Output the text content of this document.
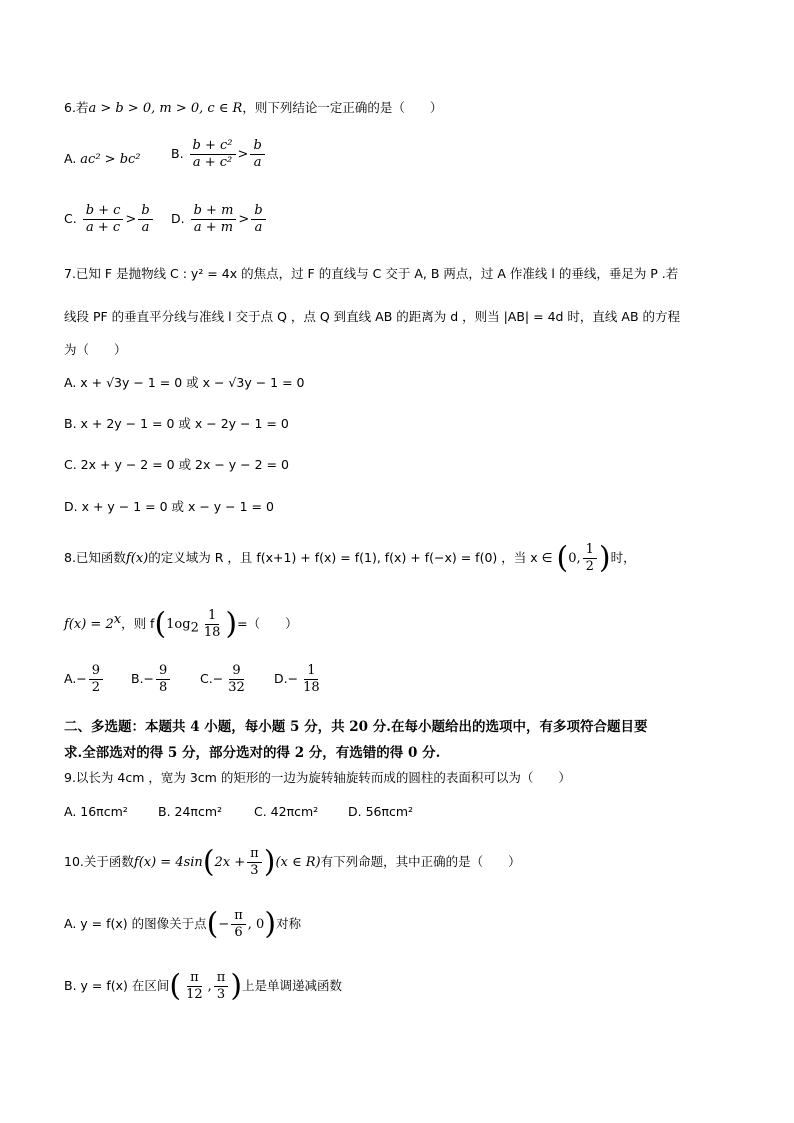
6.若a > b > 0, m > 0, c ∈ R，则下列结论一定正确的是（　　）
A. ac² > bc² B. $\frac{\text{b + c²}}{\text{a + c²}} > \frac{b}{a}$
C. $\frac{b + c}{a + c} > \frac{b}{a} D$. $\frac{b + m}{a + m} > \frac{b}{a}$
7.已知 F 是抛物线 C : y² = 4x 的焦点，过 F 的直线与 C 交于 A, B 两点，过 A 作准线 l 的垂线，垂足为 P .若
线段 PF 的垂直平分线与准线 l 交于点 Q ，点 Q 到直线 AB 的距离为 d ，则当 |AB| = 4d 时，直线 AB 的方程
为（　　）
A. x + √3y − 1 = 0 或 x − √3y − 1 = 0
B. x + 2y − 1 = 0 或 x − 2y − 1 = 0
C. 2x + y − 2 = 0 或 2x − y − 2 = 0
D. x + y − 1 = 0 或 x − y − 1 = 0
8.已知函数f(x)的定义域为 R ，且 f(x+1) + f(x) = f(1), f(x) + f(−x) = f(0) ，当 x ∈ (0, $\frac{1}{2}$ )时，
$f(x) = 2^x$，则 $f(1og_2 \frac{1}{18}$ )=（　　）
$A.- \frac{9}{2} B.- \frac{9}{8} C.- \frac{9}{32} D.- \frac{1}{18}$
二、多选题：本题共 4 小题，每小题 5 分，共 20 分.在每小题给出的选项中，有多项符合题目要
求.全部选对的得 5 分，部分选对的得 2 分，有选错的得 0 分.
9.以长为 4cm ，宽为 3cm 的矩形的一边为旋转轴旋转而成的圆柱的表面积可以为（　　）
A. 16πcm² B. 24πcm²	C. 42πcm² D. 56πcm²
10.关于函数$f(x) = 4\sin(2x + \frac{\pi}{3} )(x$ ∈ R)有下列命题，其中正确的是（　　）
A. y = f(x) 的图像关于点(− $\frac{\pi}{6}$ , 0)对称
B. y = f(x) 在区间( $\frac{\pi}{12}$ , $\frac{\pi}{3}$ )上是单调递减函数
